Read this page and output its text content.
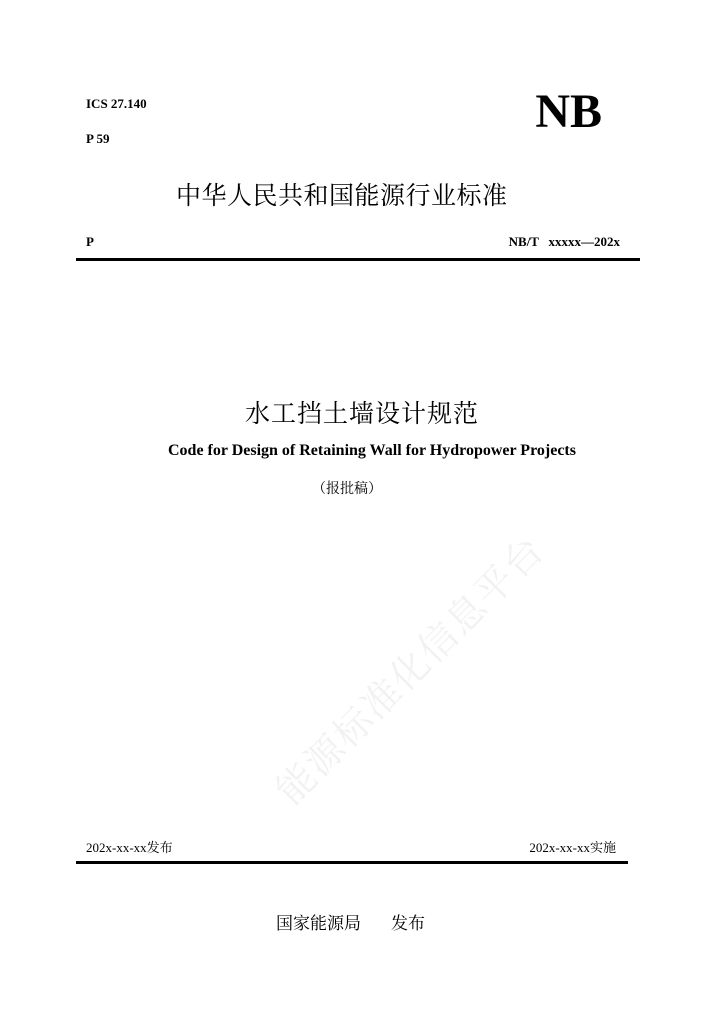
ICS 27.140
P 59
NB
中华人民共和国能源行业标准
P	NB/T   xxxxx—202x
水工挡土墙设计规范
Code for Design of Retaining Wall for Hydropower Projects
（报批稿）
能源标准化信息平台
202x-xx-xx发布	202x-xx-xx实施
国家能源局 发布
